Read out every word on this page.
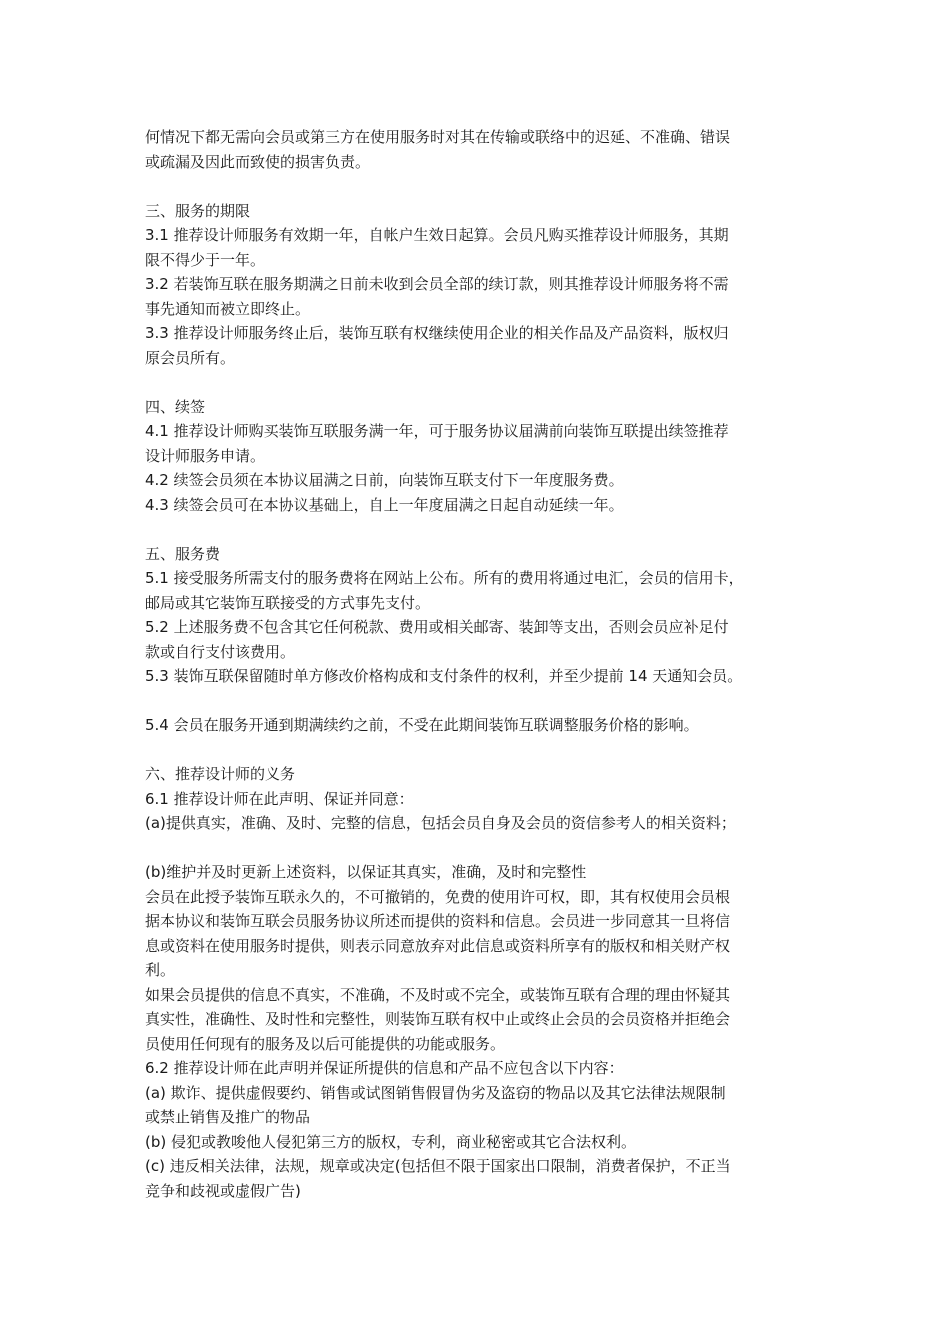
何情况下都无需向会员或第三方在使用服务时对其在传输或联络中的迟延、不准确、错误
或疏漏及因此而致使的损害负责。
三、服务的期限
3.1 推荐设计师服务有效期一年，自帐户生效日起算。会员凡购买推荐设计师服务，其期
限不得少于一年。
3.2 若装饰互联在服务期满之日前未收到会员全部的续订款，则其推荐设计师服务将不需
事先通知而被立即终止。
3.3 推荐设计师服务终止后，装饰互联有权继续使用企业的相关作品及产品资料，版权归
原会员所有。
四、续签
4.1 推荐设计师购买装饰互联服务满一年，可于服务协议届满前向装饰互联提出续签推荐
设计师服务申请。
4.2 续签会员须在本协议届满之日前，向装饰互联支付下一年度服务费。
4.3 续签会员可在本协议基础上，自上一年度届满之日起自动延续一年。
五、服务费
5.1 接受服务所需支付的服务费将在网站上公布。所有的费用将通过电汇，会员的信用卡，
邮局或其它装饰互联接受的方式事先支付。
5.2 上述服务费不包含其它任何税款、费用或相关邮寄、装卸等支出，否则会员应补足付
款或自行支付该费用。
5.3 装饰互联保留随时单方修改价格构成和支付条件的权利，并至少提前 14 天通知会员。
5.4 会员在服务开通到期满续约之前，不受在此期间装饰互联调整服务价格的影响。
六、推荐设计师的义务
6.1 推荐设计师在此声明、保证并同意：
(a)提供真实，准确、及时、完整的信息，包括会员自身及会员的资信参考人的相关资料；
(b)维护并及时更新上述资料，以保证其真实，准确，及时和完整性
会员在此授予装饰互联永久的，不可撤销的，免费的使用许可权，即，其有权使用会员根
据本协议和装饰互联会员服务协议所述而提供的资料和信息。会员进一步同意其一旦将信
息或资料在使用服务时提供，则表示同意放弃对此信息或资料所享有的版权和相关财产权
利。
如果会员提供的信息不真实，不准确，不及时或不完全，或装饰互联有合理的理由怀疑其
真实性，准确性、及时性和完整性，则装饰互联有权中止或终止会员的会员资格并拒绝会
员使用任何现有的服务及以后可能提供的功能或服务。
6.2 推荐设计师在此声明并保证所提供的信息和产品不应包含以下内容：
(a) 欺诈、提供虚假要约、销售或试图销售假冒伪劣及盗窃的物品以及其它法律法规限制
或禁止销售及推广的物品
(b) 侵犯或教唆他人侵犯第三方的版权，专利，商业秘密或其它合法权利。
(c) 违反相关法律，法规，规章或决定(包括但不限于国家出口限制，消费者保护，不正当
竞争和歧视或虚假广告)
